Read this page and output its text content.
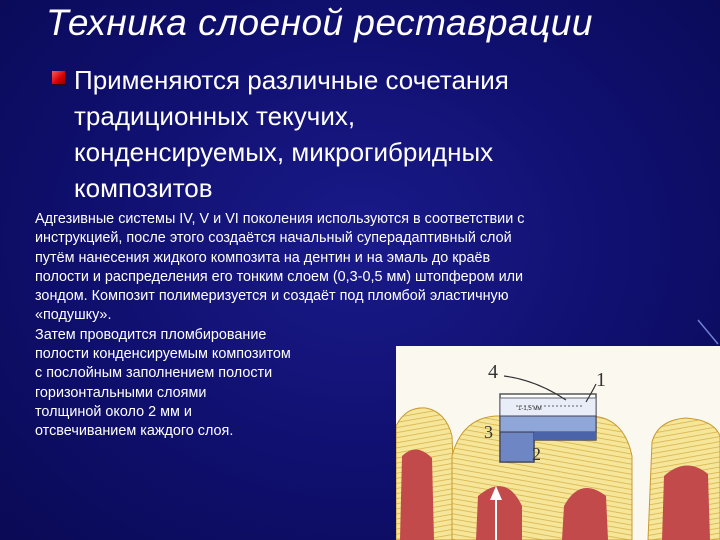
Техника слоеной реставрации

Применяются различные сочетания
традиционных текучих,
конденсируемых, микрогибридных
композитов

Адгезивные системы IV, V и VI поколения используются в соответствии с

инструкцией, после этого создаётся начальный суперадаптивный слой

путём нанесения жидкого композита на дентин и на эмаль до краёв

полости и распределения его тонким слоем (0,3-0,5 мм) штопфером или

зондом. Композит полимеризуется и создаёт под пломбой эластичную

«подушку».

Затем проводится пломбирование

полости конденсируемым композитом

с послойным заполнением полости

горизонтальными слоями

толщиной около 2 мм и

отсвечиванием каждого слоя.

4	1
3
2
1-1,5 мм
